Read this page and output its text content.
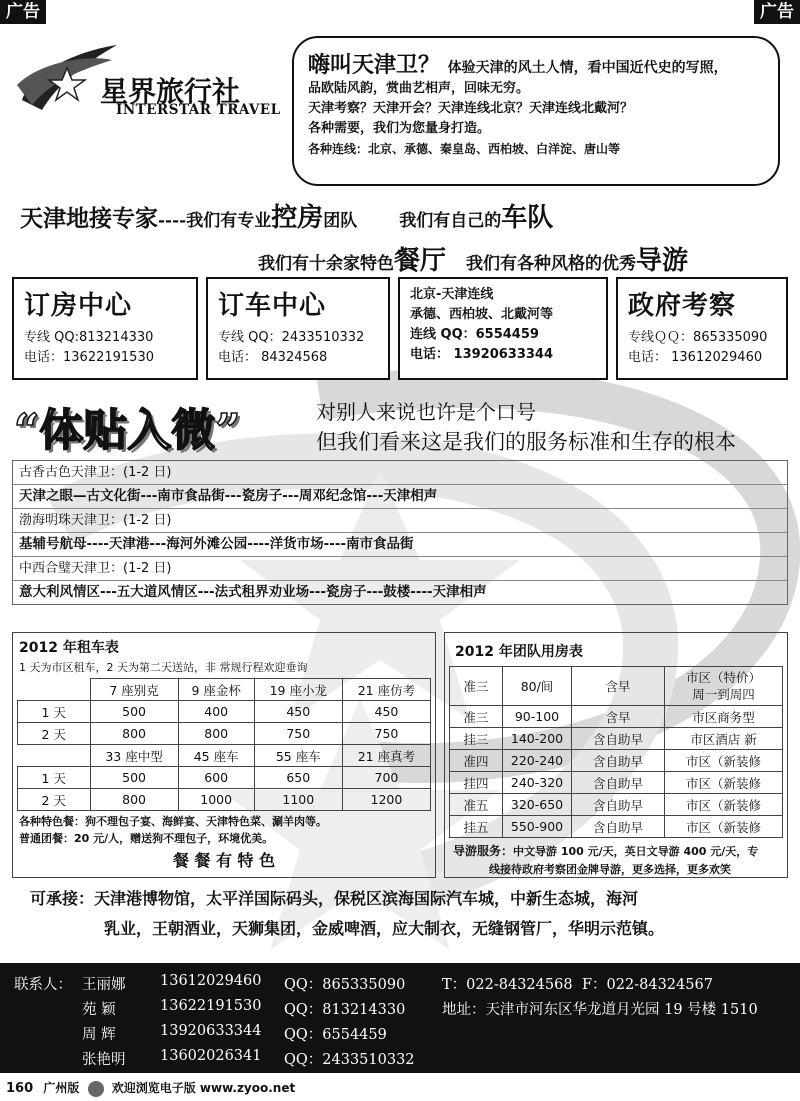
广告	广告
星界旅行社
INTERSTAR TRAVEL
嗨叫天津卫？ 体验天津的风土人情，看中国近代史的写照，
品欧陆风韵，赏曲艺相声，回味无穷。
天津考察？天津开会？天津连线北京？天津连线北戴河？
各种需要，我们为您量身打造。
各种连线：北京、承德、秦皇岛、西柏坡、白洋淀、唐山等
天津地接专家----我们有专业控房团队 我们有自己的车队
我们有十余家特色餐厅 我们有各种风格的优秀导游
订房中心
专线 QQ:813214330
电话：13622191530
订车中心
专线 QQ：2433510332
电话： 84324568
北京-天津连线
承德、西柏坡、北戴河等
连线 QQ：6554459
电话： 13920633344
政府考察
专线ＱＱ：865335090
电话： 13612029460
“体贴入微”	对别人来说也许是个口号
但我们看来这是我们的服务标准和生存的根本
古香古色天津卫：(1-2 日)
天津之眼—古文化街---南市食品街---瓷房子---周邓纪念馆---天津相声
渤海明珠天津卫：(1-2 日)
基辅号航母----天津港---海河外滩公园----洋货市场----南市食品街
中西合璧天津卫：(1-2 日)
意大利风情区---五大道风情区---法式租界劝业场---瓷房子---鼓楼----天津相声
2012 年租车表
1 天为市区租车，2 天为第二天送站，非 常规行程欢迎垂询
	7 座别克	9 座金杯	19 座小龙	21 座仿考
1 天	500	400	450	450
2 天	800	800	750	750
	33 座中型	45 座车	55 座车	21 座真考
1 天	500	600	650	700
2 天	800	1000	1100	1200
各种特色餐：狗不理包子宴、海鲜宴、天津特色菜、涮羊肉等。
普通团餐：20 元/人，赠送狗不理包子，环境优美。
餐 餐 有 特 色
2012 年团队用房表
准三	80/间	含早	市区（特价）
周一到周四

准三	90-100	含早	市区商务型
挂三	140-200	含自助早	市区酒店 新
准四	220-240	含自助早	市区（新装修
挂四	240-320	含自助早	市区（新装修
准五	320-650	含自助早	市区（新装修
挂五	550-900	含自助早	市区（新装修
导游服务：中文导游 100 元/天，英日文导游 400 元/天，专
线接待政府考察团金牌导游，更多选择，更多欢笑
可承接：天津港博物馆，太平洋国际码头，保税区滨海国际汽车城，中新生态城，海河
乳业，王朝酒业，天狮集团，金威啤酒，应大制衣，无缝钢管厂，华明示范镇。
联系人： 王丽娜 13612029460 QQ：865335090
苑 颖	13622191530 QQ：813214330
周 辉	13920633344 QQ：6554459
张艳明 13602026341 QQ：2433510332
T：022-84324568 F：022-84324567
地址：天津市河东区华龙道月光园 19 号楼 1510
160 广州版	欢迎浏览电子版 www.zyoo.net
